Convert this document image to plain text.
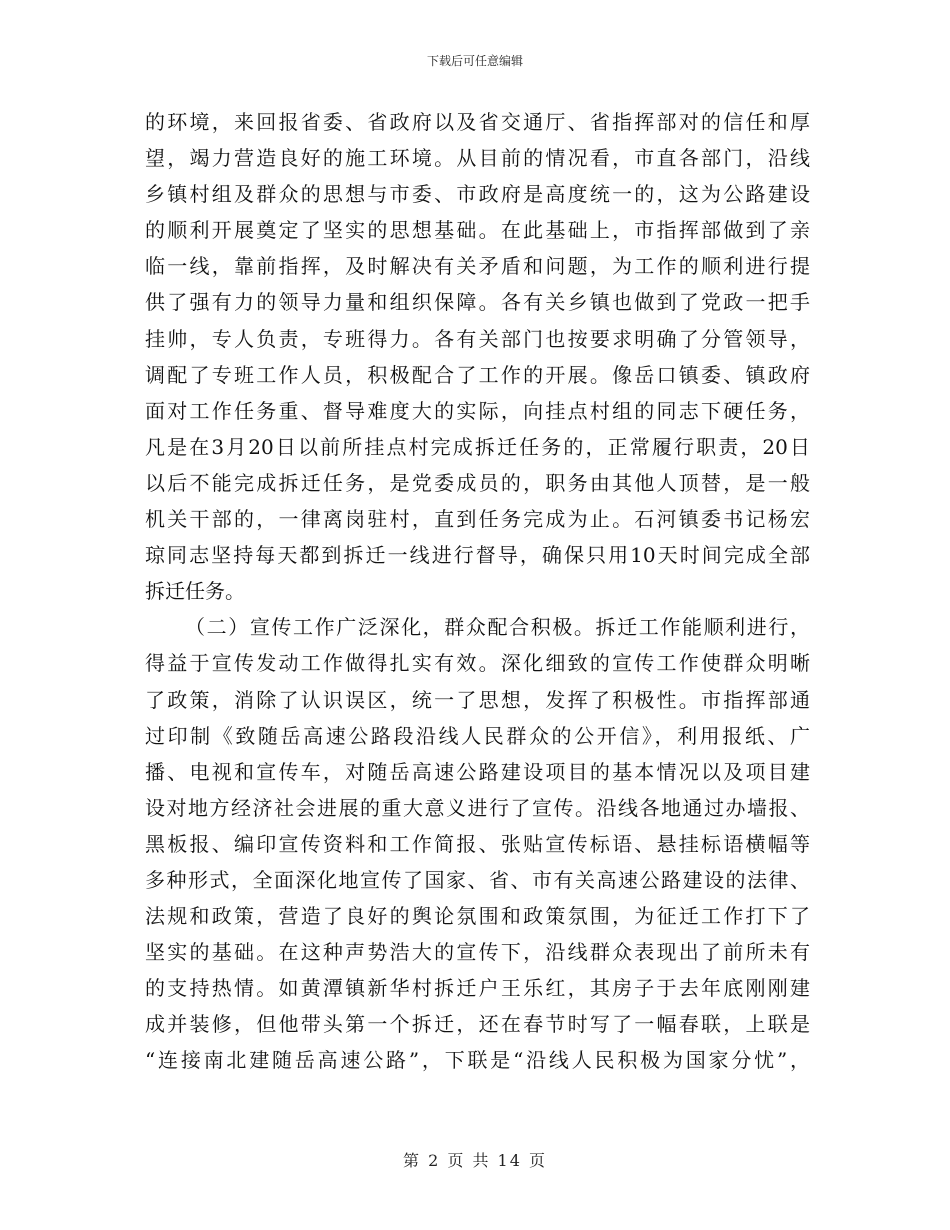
下载后可任意编辑
的环境，来回报省委、省政府以及省交通厅、省指挥部对的信任和厚
望，竭力营造良好的施工环境。从目前的情况看，市直各部门，沿线
乡镇村组及群众的思想与市委、市政府是高度统一的，这为公路建设
的顺利开展奠定了坚实的思想基础。在此基础上，市指挥部做到了亲
临一线，靠前指挥，及时解决有关矛盾和问题，为工作的顺利进行提
供了强有力的领导力量和组织保障。各有关乡镇也做到了党政一把手
挂帅，专人负责，专班得力。各有关部门也按要求明确了分管领导，
调配了专班工作人员，积极配合了工作的开展。像岳口镇委、镇政府
面对工作任务重、督导难度大的实际，向挂点村组的同志下硬任务，
凡是在3月20日以前所挂点村完成拆迁任务的，正常履行职责，20日
以后不能完成拆迁任务，是党委成员的，职务由其他人顶替，是一般
机关干部的，一律离岗驻村，直到任务完成为止。石河镇委书记杨宏
琼同志坚持每天都到拆迁一线进行督导，确保只用10天时间完成全部
拆迁任务。
（二）宣传工作广泛深化，群众配合积极。拆迁工作能顺利进行，
得益于宣传发动工作做得扎实有效。深化细致的宣传工作使群众明晰
了政策，消除了认识误区，统一了思想，发挥了积极性。市指挥部通
过印制《致随岳高速公路段沿线人民群众的公开信》，利用报纸、广
播、电视和宣传车，对随岳高速公路建设项目的基本情况以及项目建
设对地方经济社会进展的重大意义进行了宣传。沿线各地通过办墙报、
黑板报、编印宣传资料和工作简报、张贴宣传标语、悬挂标语横幅等
多种形式，全面深化地宣传了国家、省、市有关高速公路建设的法律、
法规和政策，营造了良好的舆论氛围和政策氛围，为征迁工作打下了
坚实的基础。在这种声势浩大的宣传下，沿线群众表现出了前所未有
的支持热情。如黄潭镇新华村拆迁户王乐红，其房子于去年底刚刚建
成并装修，但他带头第一个拆迁，还在春节时写了一幅春联，上联是
“连接南北建随岳高速公路”，下联是“沿线人民积极为国家分忧”，
第 2 页 共 14 页
